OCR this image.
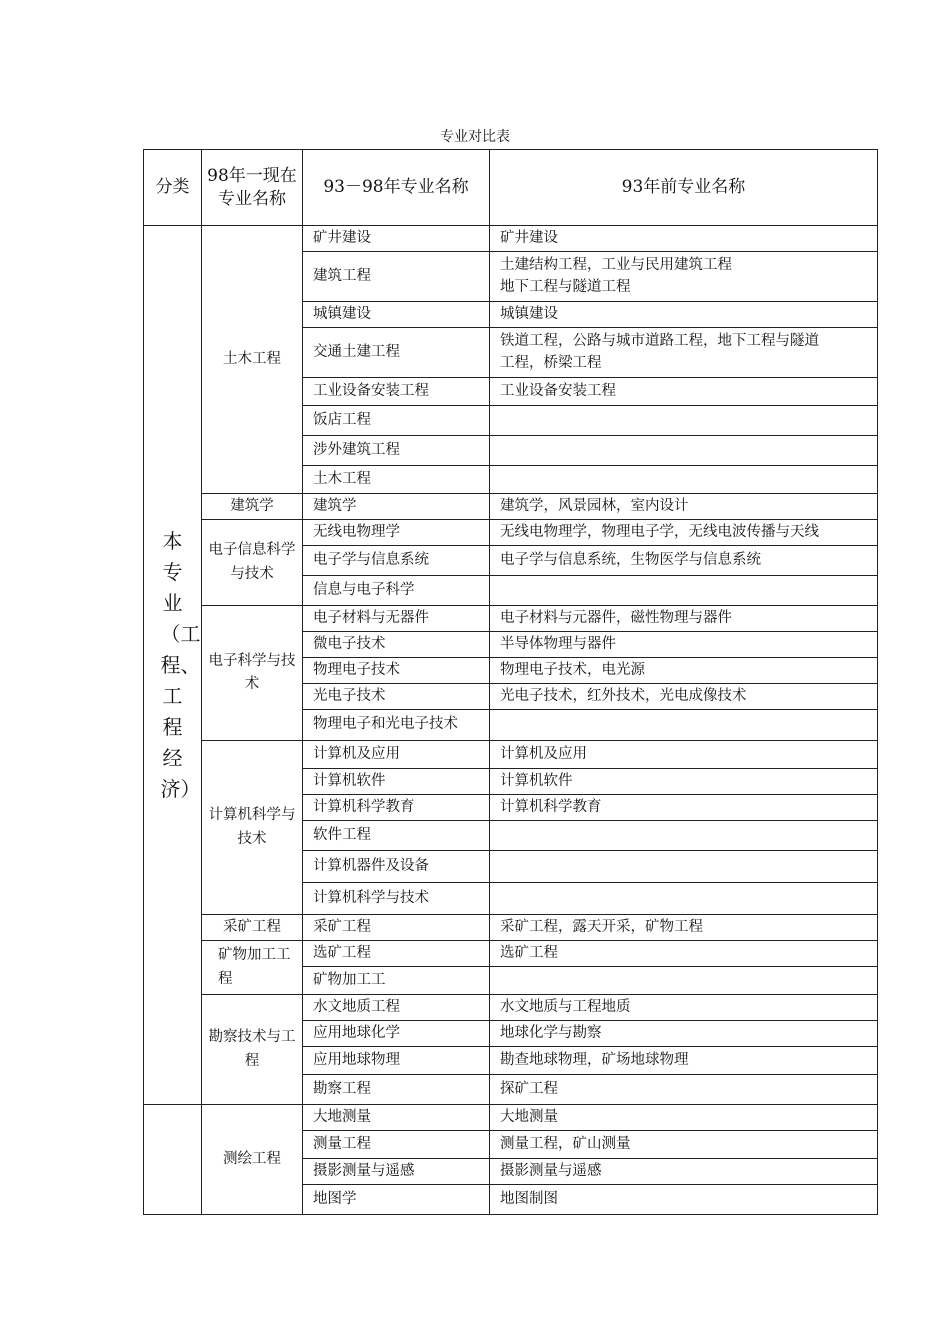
专业对比表
分类	98年一现在专业名称	93－98年专业名称	93年前专业名称
本专业（工程、工程经济）	土木工程	矿井建设	矿井建设
		建筑工程	土建结构工程，工业与民用建筑工程
地下工程与隧道工程

		城镇建设	城镇建设
		交通土建工程	铁道工程，公路与城市道路工程，地下工程与隧道
工程，桥梁工程

		工业设备安装工程	工业设备安装工程
		饭店工程	
		涉外建筑工程	
		土木工程	
	建筑学	建筑学	建筑学，风景园林，室内设计
	电子信息科学与技术	无线电物理学	无线电物理学，物理电子学，无线电波传播与天线
		电子学与信息系统	电子学与信息系统，生物医学与信息系统
		信息与电子科学	
	电子科学与技术	电子材料与无器件	电子材料与元器件，磁性物理与器件
		微电子技术	半导体物理与器件
		物理电子技术	物理电子技术，电光源
		光电子技术	光电子技术，红外技术，光电成像技术
		物理电子和光电子技术	
	计算机科学与技术	计算机及应用	计算机及应用
		计算机软件	计算机软件
		计算机科学教育	计算机科学教育
		软件工程	
		计算机器件及设备	
		计算机科学与技术	
	采矿工程	采矿工程	采矿工程，露天开采，矿物工程
	矿物加工工程	选矿工程	选矿工程
		矿物加工工	
	勘察技术与工程	水文地质工程	水文地质与工程地质
		应用地球化学	地球化学与勘察
		应用地球物理	勘查地球物理，矿场地球物理
		勘察工程	探矿工程
	测绘工程	大地测量	大地测量
		测量工程	测量工程，矿山测量
		摄影测量与遥感	摄影测量与遥感
		地图学	地图制图
